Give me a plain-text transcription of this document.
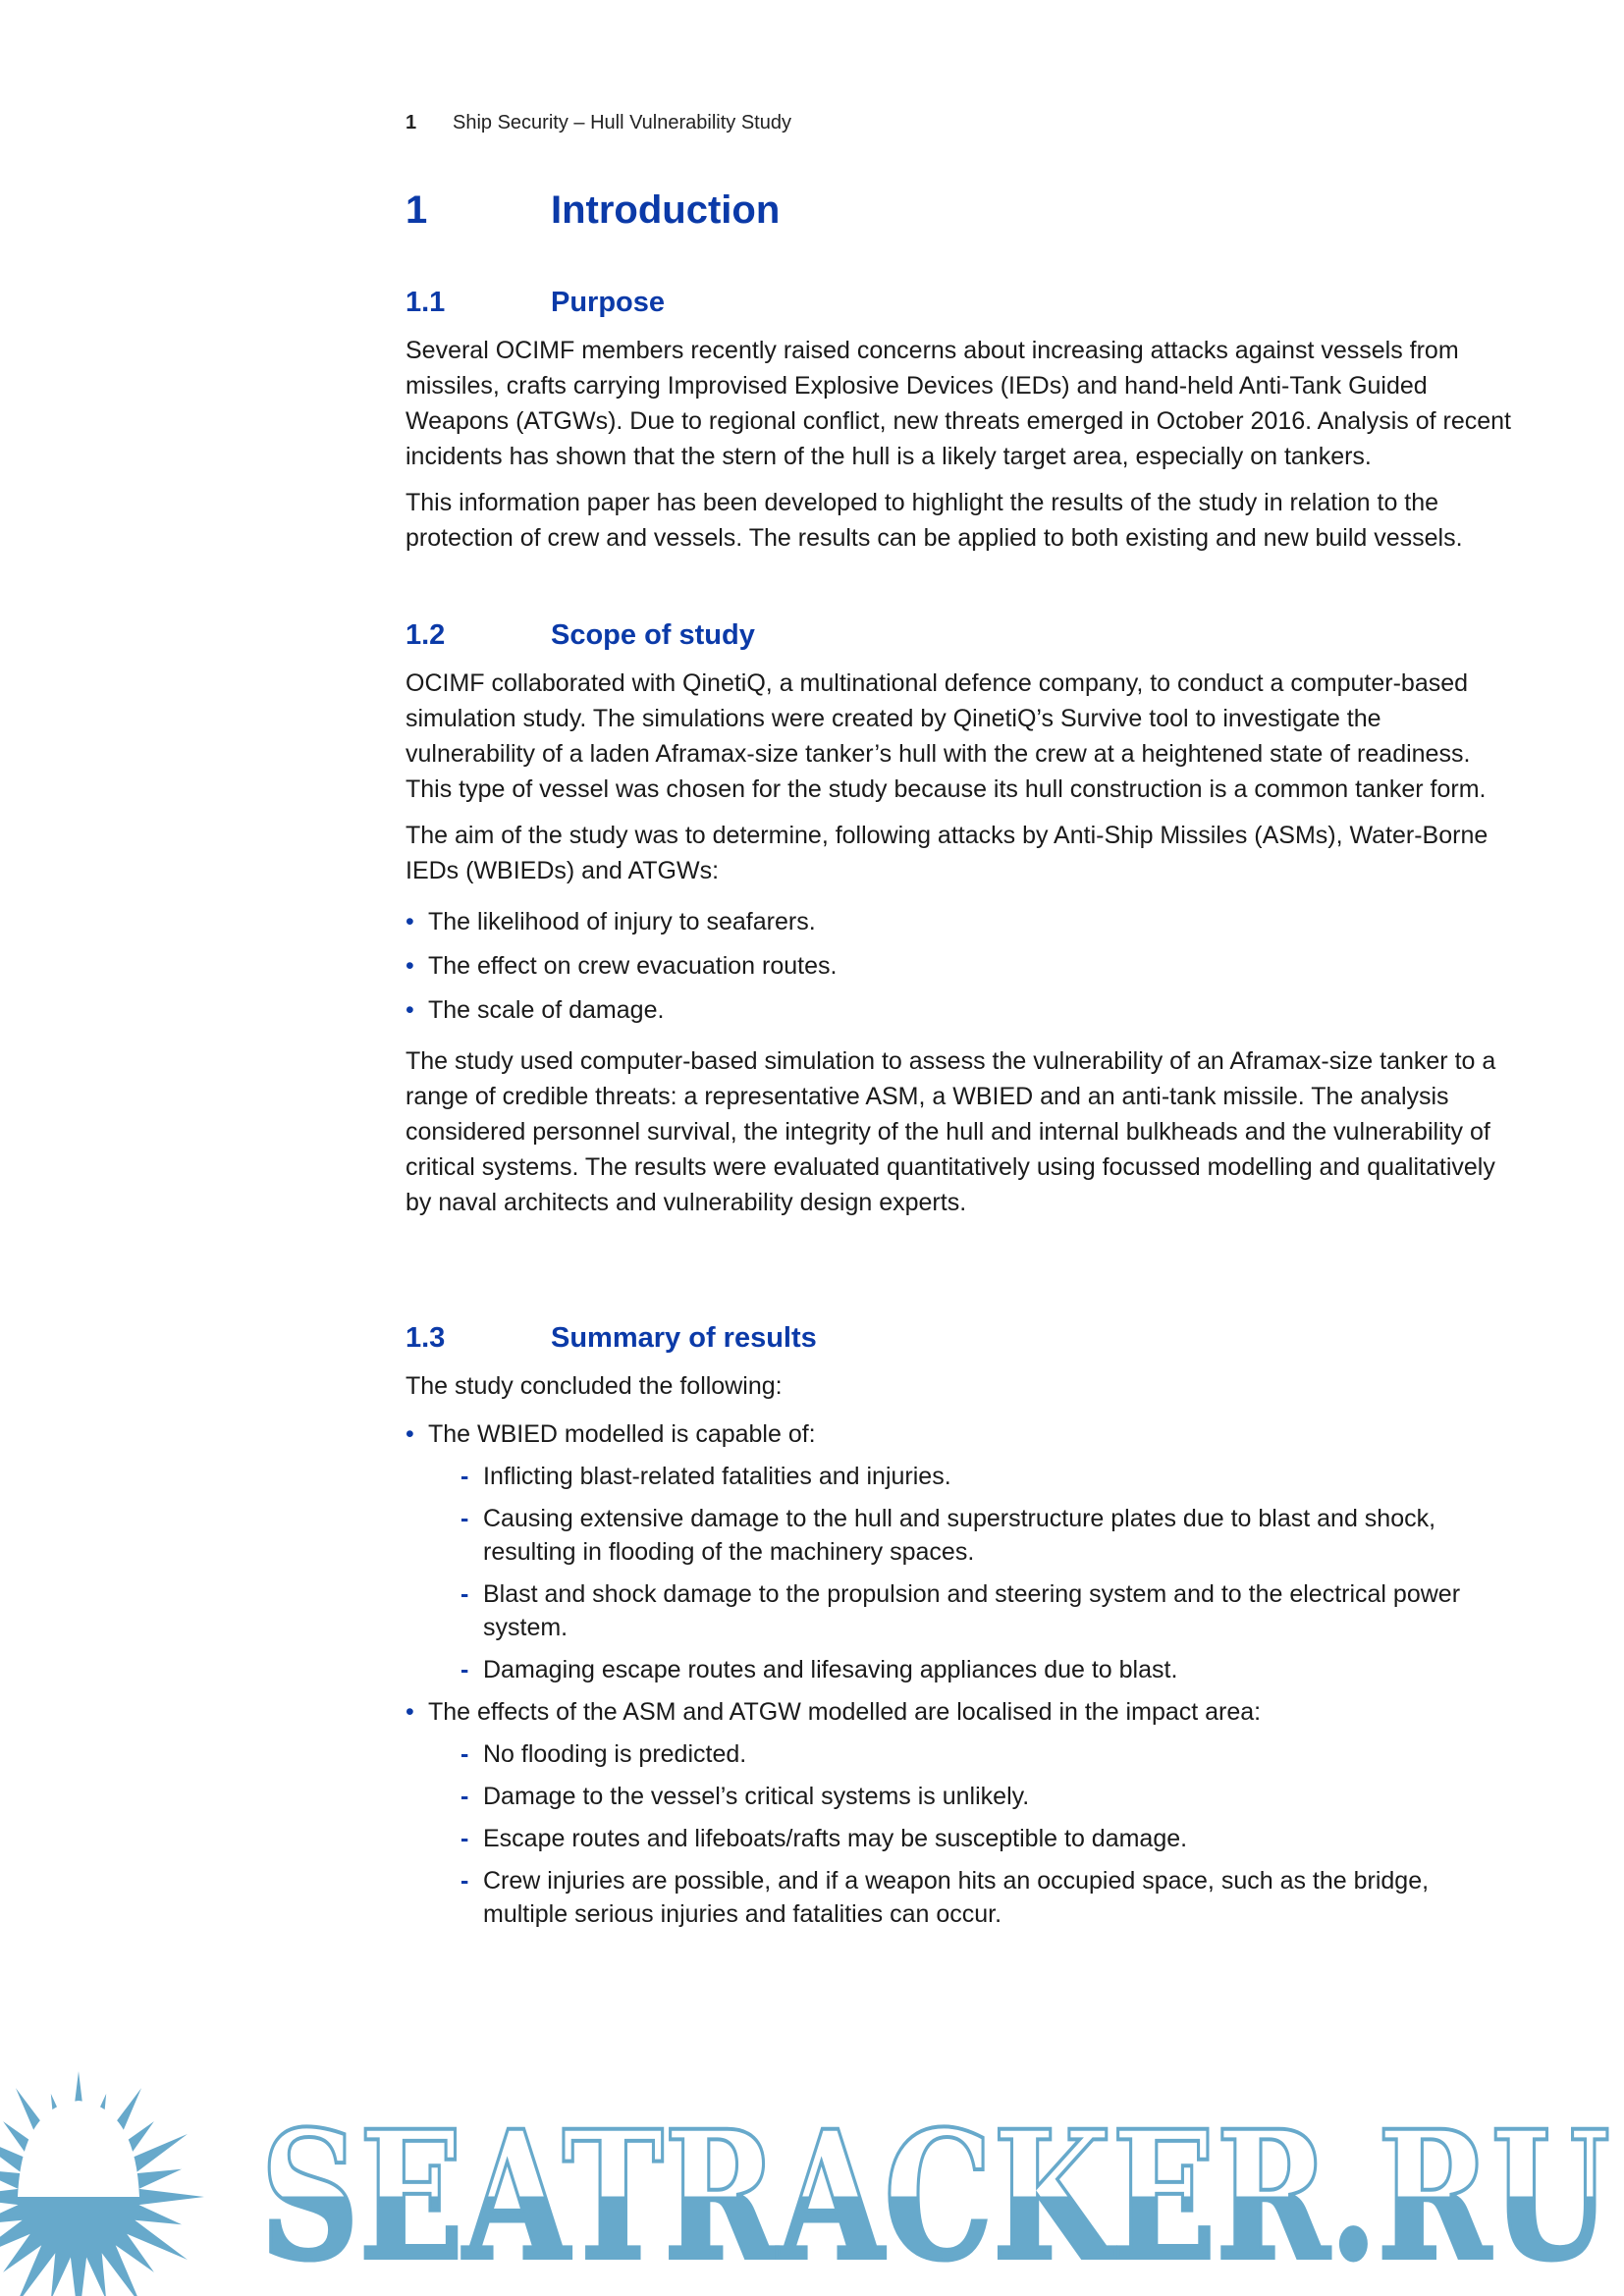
1 Ship Security – Hull Vulnerability Study
1	Introduction
1.1	Purpose

Several OCIMF members recently raised concerns about increasing attacks against vessels from missiles, crafts carrying Improvised Explosive Devices (IEDs) and hand-held Anti-Tank Guided Weapons (ATGWs). Due to regional conflict, new threats emerged in October 2016. Analysis of recent incidents has shown that the stern of the hull is a likely target area, especially on tankers.

This information paper has been developed to highlight the results of the study in relation to the protection of crew and vessels. The results can be applied to both existing and new build vessels.

1.2	Scope of study

OCIMF collaborated with QinetiQ, a multinational defence company, to conduct a computer-based simulation study. The simulations were created by QinetiQ’s Survive tool to investigate the vulnerability of a laden Aframax-size tanker’s hull with the crew at a heightened state of readiness. This type of vessel was chosen for the study because its hull construction is a common tanker form.

The aim of the study was to determine, following attacks by Anti-Ship Missiles (ASMs), Water-Borne IEDs (WBIEDs) and ATGWs:

• The likelihood of injury to seafarers.
• The effect on crew evacuation routes.
• The scale of damage.

The study used computer-based simulation to assess the vulnerability of an Aframax-size tanker to a range of credible threats: a representative ASM, a WBIED and an anti-tank missile. The analysis considered personnel survival, the integrity of the hull and internal bulkheads and the vulnerability of critical systems. The results were evaluated quantitatively using focussed modelling and qualitatively by naval architects and vulnerability design experts.

1.3	Summary of results

The study concluded the following:

• The WBIED modelled is capable of:
- Inflicting blast-related fatalities and injuries.
- Causing extensive damage to the hull and superstructure plates due to blast and shock, resulting in flooding of the machinery spaces.
- Blast and shock damage to the propulsion and steering system and to the electrical power system.
- Damaging escape routes and lifesaving appliances due to blast.
• The effects of the ASM and ATGW modelled are localised in the impact area:
- No flooding is predicted.
- Damage to the vessel’s critical systems is unlikely.
- Escape routes and lifeboats/rafts may be susceptible to damage.
- Crew injuries are possible, and if a weapon hits an occupied space, such as the bridge, multiple serious injuries and fatalities can occur.
SEATRACKER.RU
